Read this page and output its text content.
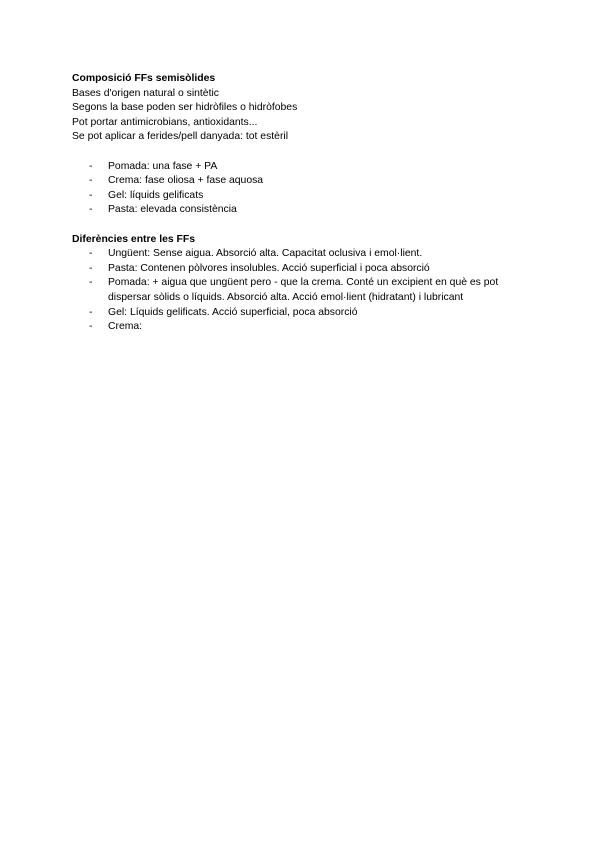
Composició FFs semisòlides

Bases d'origen natural o sintètic

Segons la base poden ser hidròfiles o hidròfobes

Pot portar antimicrobians, antioxidants...

Se pot aplicar a ferides/pell danyada: tot estèril

- Pomada: una fase + PA
- Crema: fase oliosa + fase aquosa
- Gel: líquids gelificats
- Pasta: elevada consistència

Diferències entre les FFs

- Ungüent: Sense aigua. Absorció alta. Capacitat oclusiva i emol·lient.
- Pasta: Contenen pòlvores insolubles. Acció superficial i poca absorció
- Pomada: + aigua que ungüent pero - que la crema. Conté un excipient en què es pot
dispersar sòlids o líquids. Absorció alta. Acció emol·lient (hidratant) i lubricant
- Gel: Líquids gelificats. Acció superficial, poca absorció
- Crema:
